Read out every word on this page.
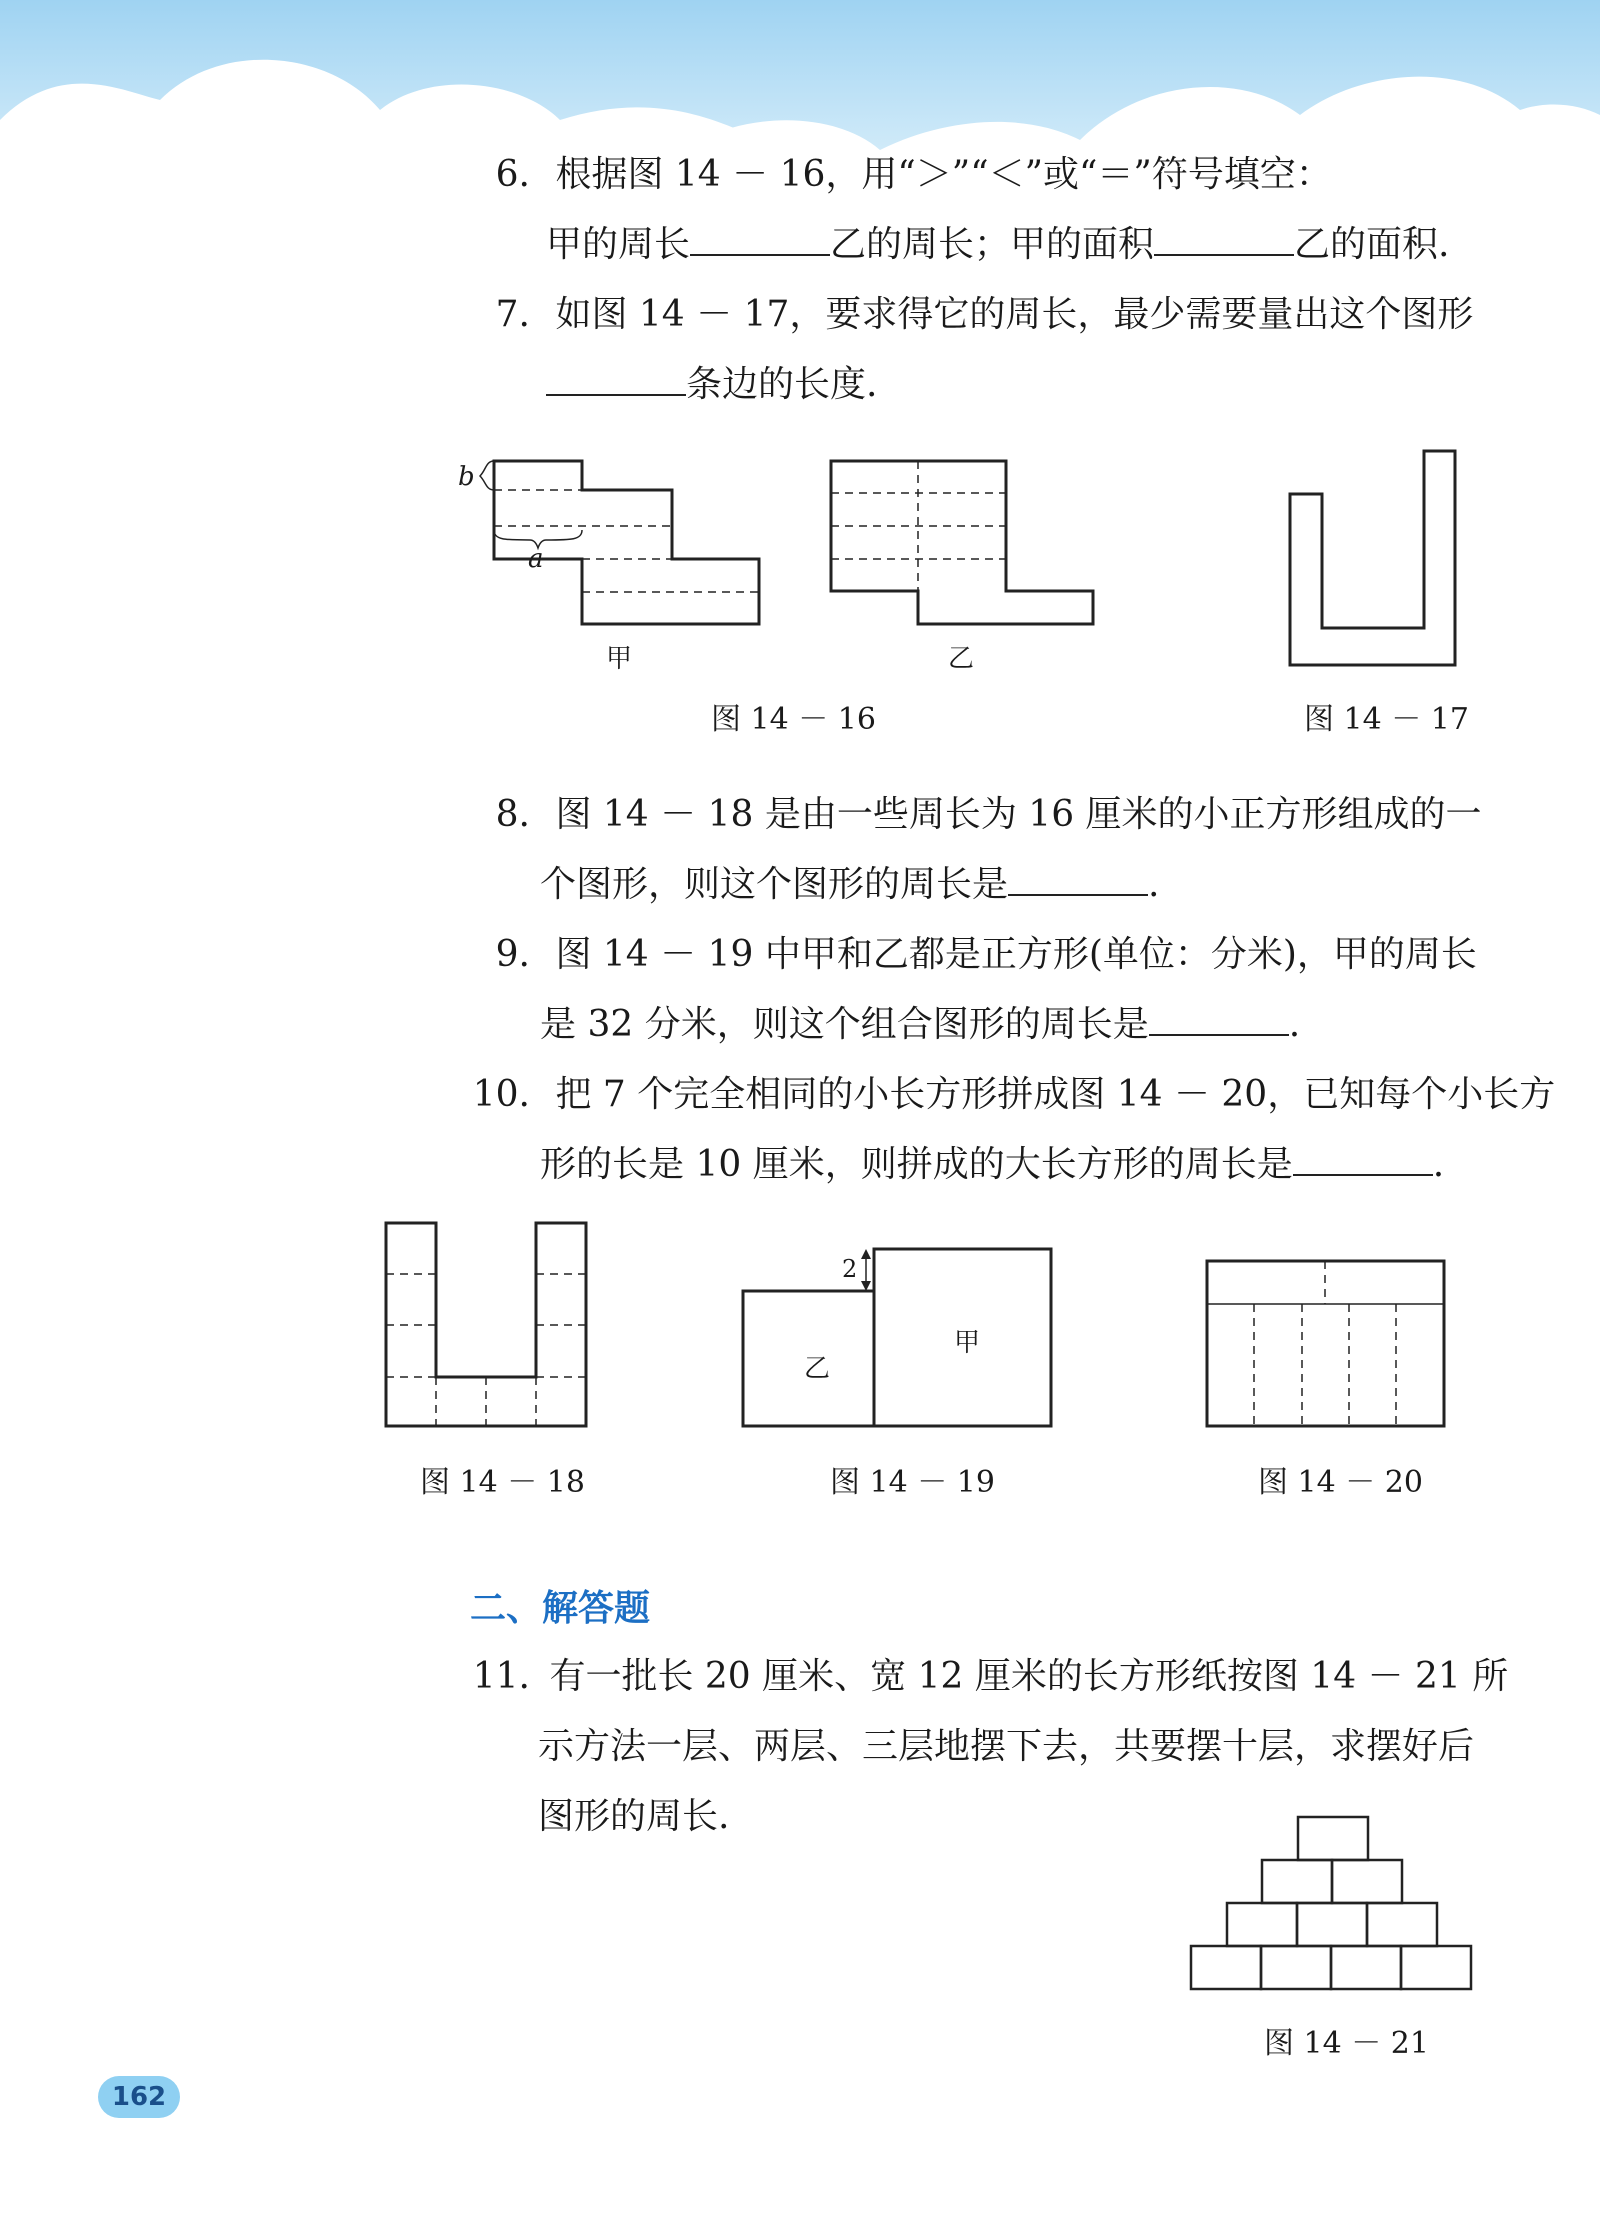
6. 根据图 14 － 16，用“＞”“＜”或“＝”符号填空：
甲的周长	乙的周长；甲的面积	乙的面积.
7. 如图 14 － 17，要求得它的周长，最少需要量出这个图形
条边的长度.
b
a
甲	乙
图 14 － 16	图 14 － 17
8. 图 14 － 18 是由一些周长为 16 厘米的小正方形组成的一
个图形，则这个图形的周长是	.
9. 图 14 － 19 中甲和乙都是正方形(单位：分米)，甲的周长
是 32 分米，则这个组合图形的周长是	.
10. 把 7 个完全相同的小长方形拼成图 14 － 20，已知每个小长方
形的长是 10 厘米，则拼成的大长方形的周长是	.
图 14 － 18
2
甲
乙
图 14 － 19	图 14 － 20
二、解答题
11. 有一批长 20 厘米、宽 12 厘米的长方形纸按图 14 － 21 所
示方法一层、两层、三层地摆下去，共要摆十层，求摆好后
图形的周长.
图 14 － 21
162
